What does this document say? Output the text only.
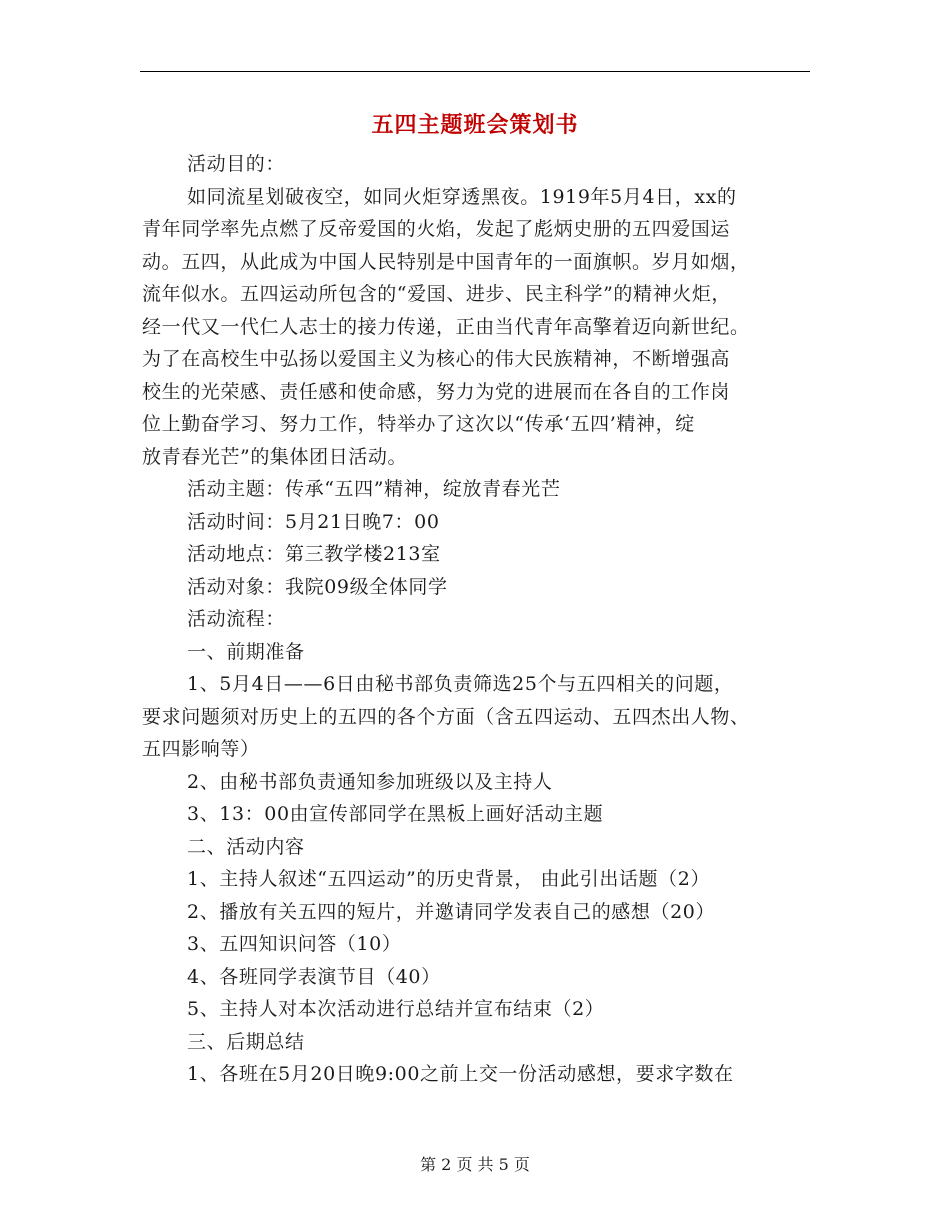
五四主题班会策划书
活动目的：
如同流星划破夜空，如同火炬穿透黑夜。1919年5月4日，xx的
青年同学率先点燃了反帝爱国的火焰，发起了彪炳史册的五四爱国运
动。五四，从此成为中国人民特别是中国青年的一面旗帜。岁月如烟，
流年似水。五四运动所包含的“爱国、进步、民主科学”的精神火炬，
经一代又一代仁人志士的接力传递，正由当代青年高擎着迈向新世纪。
为了在高校生中弘扬以爱国主义为核心的伟大民族精神，不断增强高
校生的光荣感、责任感和使命感，努力为党的进展而在各自的工作岗
位上勤奋学习、努力工作，特举办了这次以“传承‘五四’精神，绽
放青春光芒”的集体团日活动。
活动主题：传承“五四”精神，绽放青春光芒
活动时间：5月21日晚7：00
活动地点：第三教学楼213室
活动对象：我院09级全体同学
活动流程：
一、前期准备
1、5月4日——6日由秘书部负责筛选25个与五四相关的问题，
要求问题须对历史上的五四的各个方面（含五四运动、五四杰出人物、
五四影响等）
2、由秘书部负责通知参加班级以及主持人
3、13：00由宣传部同学在黑板上画好活动主题
二、活动内容
1、主持人叙述“五四运动”的历史背景， 由此引出话题（2）
2、播放有关五四的短片，并邀请同学发表自己的感想（20）
3、五四知识问答（10）
4、各班同学表演节目（40）
5、主持人对本次活动进行总结并宣布结束（2）
三、后期总结
1、各班在5月20日晚9:00之前上交一份活动感想，要求字数在
第 2 页 共 5 页
